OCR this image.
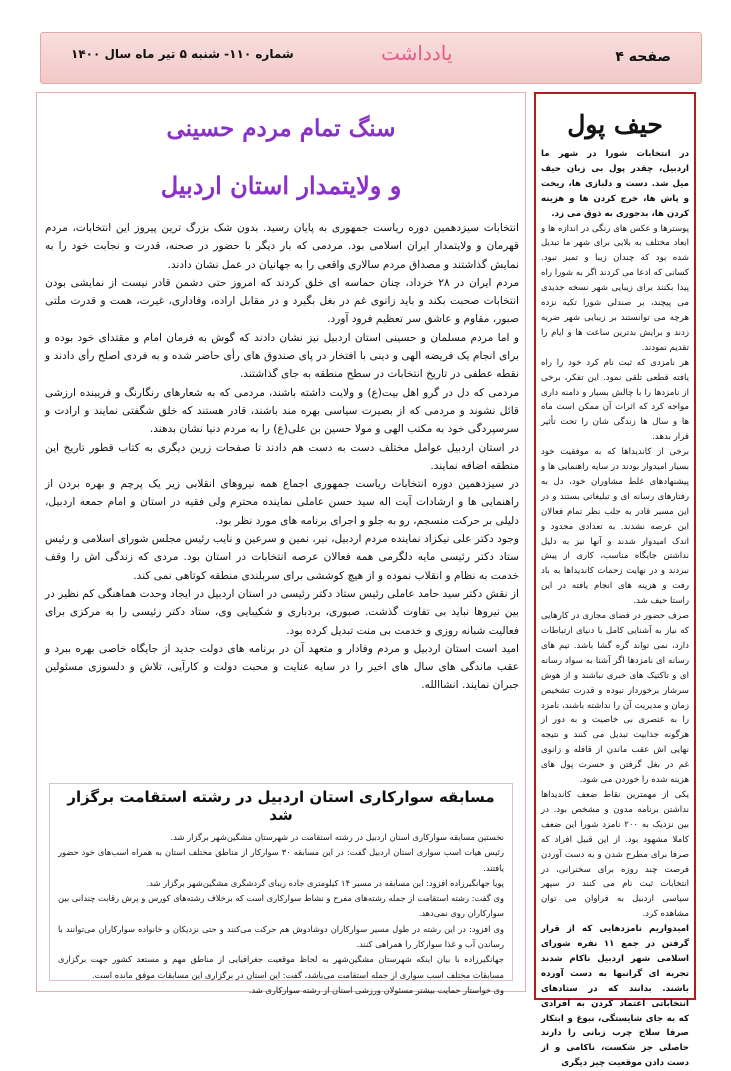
شماره ۱۱۰- شنبه ۵ تیر ماه سال ۱۴۰۰	یادداشت	صفحه ۴
سنگ تمام مردم حسینی
و ولایتمدار استان اردبیل

انتخابات سیزدهمین دوره ریاست جمهوری به پایان رسید. بدون شک بزرگ ترین پیروز این انتخابات، مردم قهرمان و ولایتمدار ایران اسلامی بود. مردمی که بار دیگر با حضور در صحنه، قدرت و نجابت خود را به نمایش گذاشتند و مصداق مردم سالاری واقعی را به جهانیان در عمل نشان دادند.

مردم ایران در ۲۸ خرداد، چنان حماسه ای خلق کردند که امروز حتی دشمن قادر نیست از نمایشی بودن انتخابات صحبت بکند و باید زانوی غم در بغل بگیرد و در مقابل اراده، وفاداری، غیرت، همت و قدرت ملتی صبور، مقاوم و عاشق سر تعظیم فرود آورد.

و اما مردم مسلمان و حسینی استان اردبیل نیز نشان دادند که گوش به فرمان امام و مقتدای خود بوده و برای انجام یک فریضه الهی و دینی با افتخار در پای صندوق های رأی حاضر شده و به فردی اصلح رأی دادند و نقطه عطفی در تاریخ انتخابات در سطح منطقه به جای گذاشتند.

مردمی که دل در گرو اهل بیت(ع) و ولایت داشته باشند، مردمی که به شعارهای رنگارنگ و فریبنده ارزشی قائل نشوند و مردمی که از بصیرت سیاسی بهره مند باشند، قادر هستند که خلق شگفتی نمایند و ارادت و سرسپردگی خود به مکتب الهی و مولا حسین بن علی(ع) را به مردم دنیا نشان بدهند.

در استان اردبیل عوامل مختلف دست به دست هم دادند تا صفحات زرین دیگری به کتاب قطور تاریخ این منطقه اضافه نمایند.

در سیزدهمین دوره انتخابات ریاست جمهوری اجماع همه نیروهای انقلابی زیر یک پرچم و بهره بردن از راهنمایی ها و ارشادات آیت اله سید حسن عاملی نماینده محترم ولی فقیه در استان و امام جمعه اردبیل، دلیلی بر حرکت منسجم، رو به جلو و اجرای برنامه های مورد نظر بود.

وجود دکتر علی نیکزاد نماینده مردم اردبیل، نیر، نمین و سرعین و نایب رئیس مجلس شورای اسلامی و رئیس ستاد دکتر رئیسی مایه دلگرمی همه فعالان عرصه انتخابات در استان بود. مردی که زندگی اش را وقف خدمت به نظام و انقلاب نموده و از هیچ کوششی برای سربلندی منطقه کوتاهی نمی کند.

از نقش دکتر سید حامد عاملی رئیس ستاد دکتر رئیسی در استان اردبیل در ایجاد وحدت هماهنگی کم نظیر در بین نیروها نباید بی تفاوت گذشت. صبوری، بردباری و شکیبایی وی، ستاد دکتر رئیسی را به مرکزی برای فعالیت شبانه روزی و خدمت بی منت تبدیل کرده بود.

امید است استان اردبیل و مردم وفادار و متعهد آن در برنامه های دولت جدید از جایگاه خاصی بهره ببرد و عقب ماندگی های سال های اخیر را در سایه عنایت و محبت دولت و کارآیی، تلاش و دلسوزی مسئولین جبران نمایند. انشاالله.

مسابقه سوارکاری استان اردبیل در رشته استقامت برگزار شد

نخستین مسابقه سوارکاری استان اردبیل در رشته استقامت در شهرستان مشگین‌شهر برگزار شد.

رئیس هیات اسب سواری استان اردبیل گفت: در این مسابقه ۳۰ سوارکار از مناطق مختلف استان به همراه اسب‌های خود حضور یافتند.

پویا جهانگیرزاده افزود: این مسابقه در مسیر ۱۴ کیلومتری جاده زیبای گردشگری مشگین‌شهر برگزار شد.

وی گفت: رشته استقامت از جمله رشته‌های مفرح و نشاط سوارکاری است که برخلاف رشته‌های کورس و پرش رقابت چندانی بین سوارکاران روی نمی‌دهد.

وی افزود: در این رشته در طول مسیر سوارکاران دوشادوش هم حرکت می‌کنند و حتی نزدیکان و خانواده سوارکاران می‌توانند با رساندن آب و غذا سوارکار را همراهی کنند.

جهانگیرزاده با بیان اینکه شهرستان مشگین‌شهر به لحاظ موقعیت جغرافیایی از مناطق مهم و مستعد کشور جهت برگزاری مسابقات مختلف اسب سواری از جمله استقامت می‌باشد، گفت: این استان در برگزاری این مسابقات موفق مانده است.

وی خواستار حمایت بیشتر مسئولان ورزشی استان از رشته سوارکاری شد.

حیف پول

در انتخابات شورا در شهر ما اردبیل، چقدر پول بی زبان حیف میل شد. دست و دلبازی ها، ریخت و پاش ها، خرج کردن ها و هزینه کردن ها، بدجوری به ذوق می زد.

پوسترها و عکس های رنگی در اندازه ها و ابعاد مختلف به بلایی برای شهر ما تبدیل شده بود که چندان زیبا و تمیز نبود. کسانی که ادعا می کردند اگر به شورا راه پیدا بکنند برای زیبایی شهر نسخه جدیدی می پیچند، بر صندلی شورا تکیه نزده هرچه می توانستند بر زیبایی شهر ضربه زدند و برایش بدترین ساعت ها و ایام را تقدیم نمودند.

هر نامزدی که ثبت نام کرد خود را راه یافته قطعی تلقی نمود. این تفکر، برخی از نامزدها را با چالش بسیار و دامنه داری مواجه کرد که اثرات آن ممکن است ماه ها و سال ها زندگی شان را تحت تأثیر قرار بدهد.

برخی از کاندیداها که به موفقیت خود بسیار امیدوار بودند در سایه راهنمایی ها و پیشنهادهای غلط مشاوران خود، دل به رفتارهای رسانه ای و تبلیغاتی بستند و در این مسیر قادر به جلب نظر تمام فعالان این عرصه نشدند. به تعدادی محدود و اندک امیدوار شدند و آنها نیز به دلیل نداشتن جایگاه مناسب، کاری از پیش نبردند و در نهایت زحمات کاندیداها به باد رفت و هزینه های انجام یافته در این راستا حیف شد.

صرف حضور در فضای مجازی در کارهایی که نیاز به آشنایی کامل با دنیای ارتباطات دارد، نمی تواند گره گشا باشد. تیم های رسانه ای نامزدها اگر آشنا به سواد رسانه ای و تاکتیک های خبری نباشند و از هوش سرشار برخوردار نبوده و قدرت تشخیص زمان و مدیریت آن را نداشته باشند، نامزد را به عنصری بی خاصیت و به دور از هرگونه جذابیت تبدیل می کنند و نتیجه نهایی اش عقب ماندن از قافله و زانوی غم در بغل گرفتن و حسرت پول های هزینه شده را خوردن می شود.

یکی از مهمترین نقاط ضعف کاندیداها نداشتن برنامه مدون و مشخص بود. در بین نزدیک به ۲۰۰ نامزد شورا این ضعف کاملا مشهود بود. از این قبیل افراد که صرفا برای مطرح شدن و به دست آوردن فرصت چند روزه برای سخنرانی، در انتخابات ثبت نام می کنند در سپهر سیاسی اردبیل به فراوان می توان مشاهده کرد.

امیدواریم نامزدهایی که از قرار گرفتن در جمع ۱۱ نفره شورای اسلامی شهر اردبیل ناکام شدند تجربه ای گرانبها به دست آورده باشند. بدانند که در ستادهای انتخاباتی اعتماد کردن به افرادی که به جای شایستگی، نبوغ و ابتکار صرفا سلاح چرب زبانی را دارند حاصلی جز شکست، ناکامی و از دست دادن موقعیت چیز دیگری
